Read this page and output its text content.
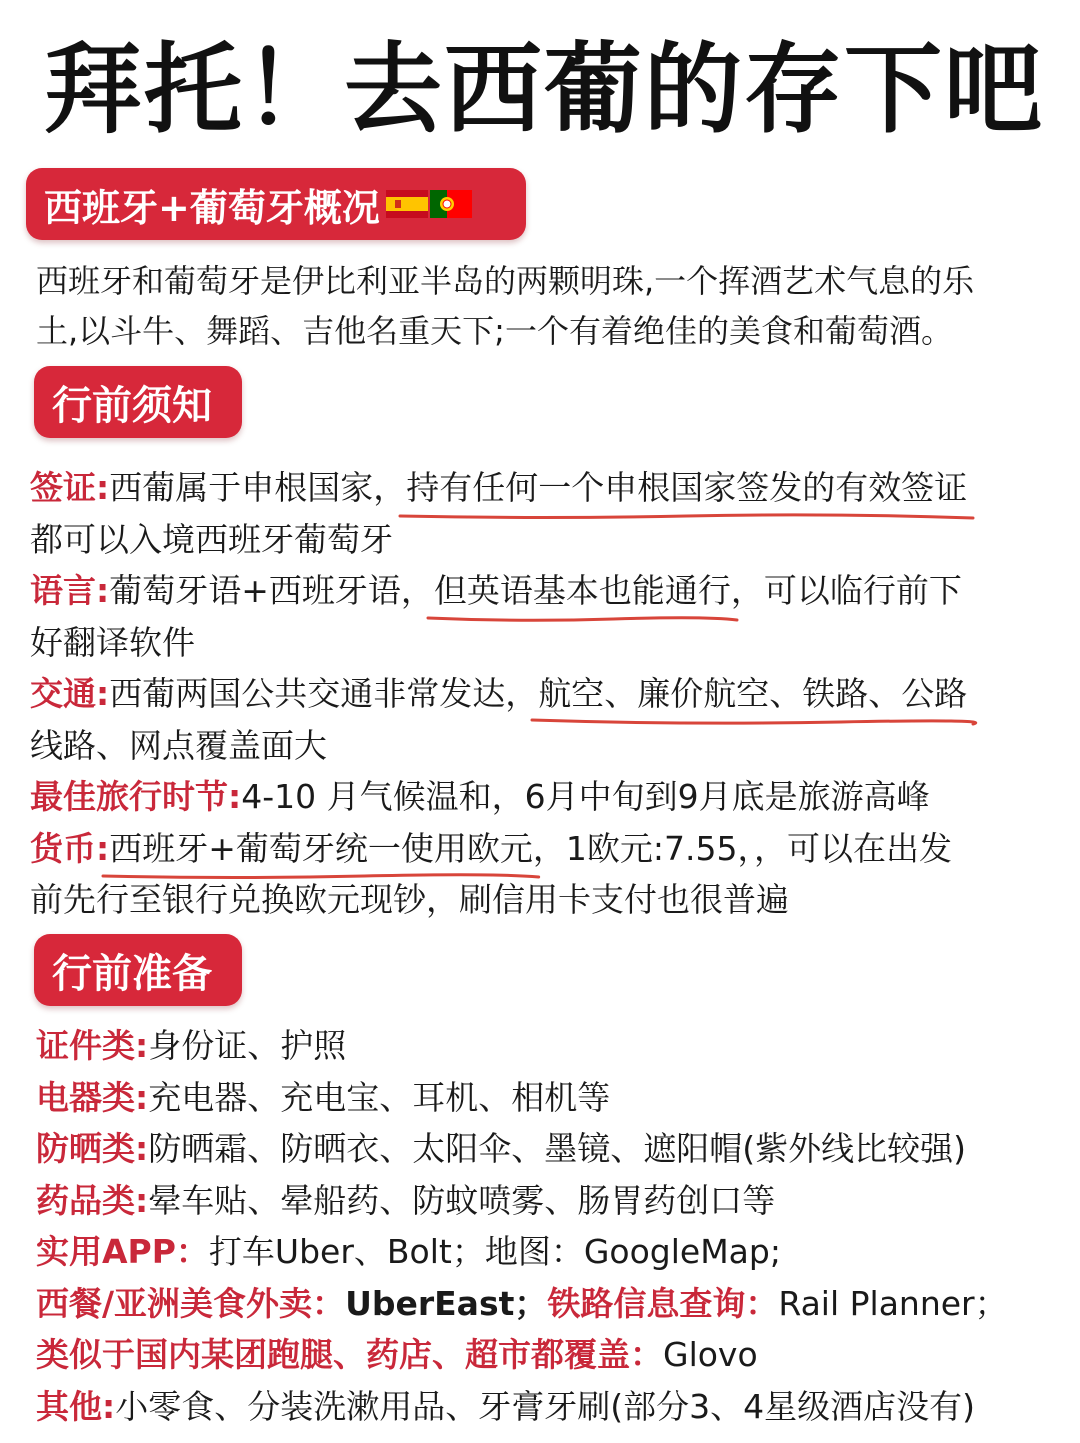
拜托！去西葡的存下吧
西班牙+葡萄牙概况

西班牙和葡萄牙是伊比利亚半岛的两颗明珠,一个挥酒艺术气息的乐
土,以斗牛、舞蹈、吉他名重天下;一个有着绝佳的美食和葡萄酒。

行前须知
签证:西葡属于申根国家，持有任何一个申根国家签发的有效签证
都可以入境西班牙葡萄牙
语言:葡萄牙语+西班牙语，但英语基本也能通行
，可以临行前下
好翻译软件
交通:西葡两国公共交通非常发达，航空、廉价航空、铁路、公路
线路、网点覆盖面大
最佳旅行时节:4-10 月气候温和，6月中旬到9月底是旅游高峰
货币:西班牙+葡萄牙统一使用欧元
，1欧元:7.55，，可以在出发
前先行至银行兑换欧元现钞，刷信用卡支付也很普遍
行前准备
证件类:身份证、护照
电器类:充电器、充电宝、耳机、相机等
防晒类:防晒霜、防晒衣、太阳伞、墨镜、遮阳帽(紫外线比较强)
药品类:晕车贴、晕船药、防蚊喷雾、肠胃药创口等
实用APP：打车Uber、Bolt；地图：GoogleMap;
西餐/亚洲美食外卖：UberEast；铁路信息查询：Rail Planner；
类似于国内某团跑腿、药店、超市都覆盖：Glovo
其他:小零食、分装洗漱用品、牙膏牙刷(部分3、4星级酒店没有)
